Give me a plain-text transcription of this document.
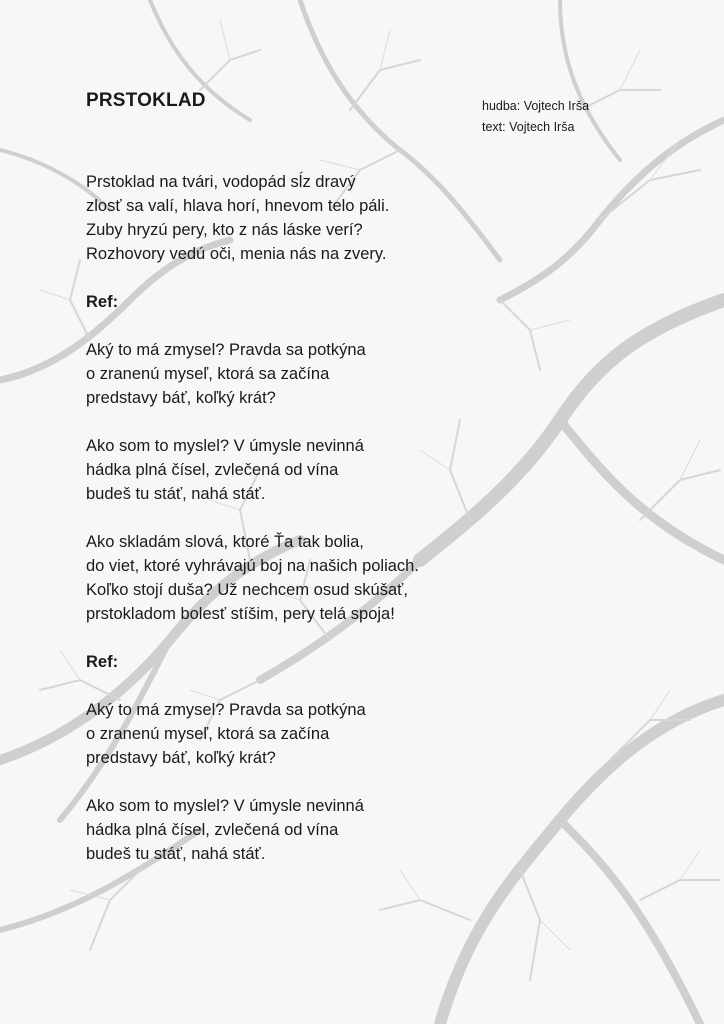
PRSTOKLAD	hudba: Vojtech Irša
text: Vojtech Irša
Prstoklad na tvári, vodopád sĺz dravý
zlosť sa valí, hlava horí, hnevom telo páli.
Zuby hryzú pery, kto z nás láske verí?
Rozhovory vedú oči, menia nás na zvery.
Ref:
Aký to má zmysel? Pravda sa potkýna
o zranenú myseľ, ktorá sa začína
predstavy báť, koľký krát?
Ako som to myslel? V úmysle nevinná
hádka plná čísel, zvlečená od vína
budeš tu stáť, nahá stáť.
Ako skladám slová, ktoré Ťa tak bolia,
do viet, ktoré vyhrávajú boj na našich poliach.
Koľko stojí duša? Už nechcem osud skúšať,
prstokladom bolesť stíšim, pery telá spoja!
Ref:
Aký to má zmysel? Pravda sa potkýna
o zranenú myseľ, ktorá sa začína
predstavy báť, koľký krát?
Ako som to myslel? V úmysle nevinná
hádka plná čísel, zvlečená od vína
budeš tu stáť, nahá stáť.
